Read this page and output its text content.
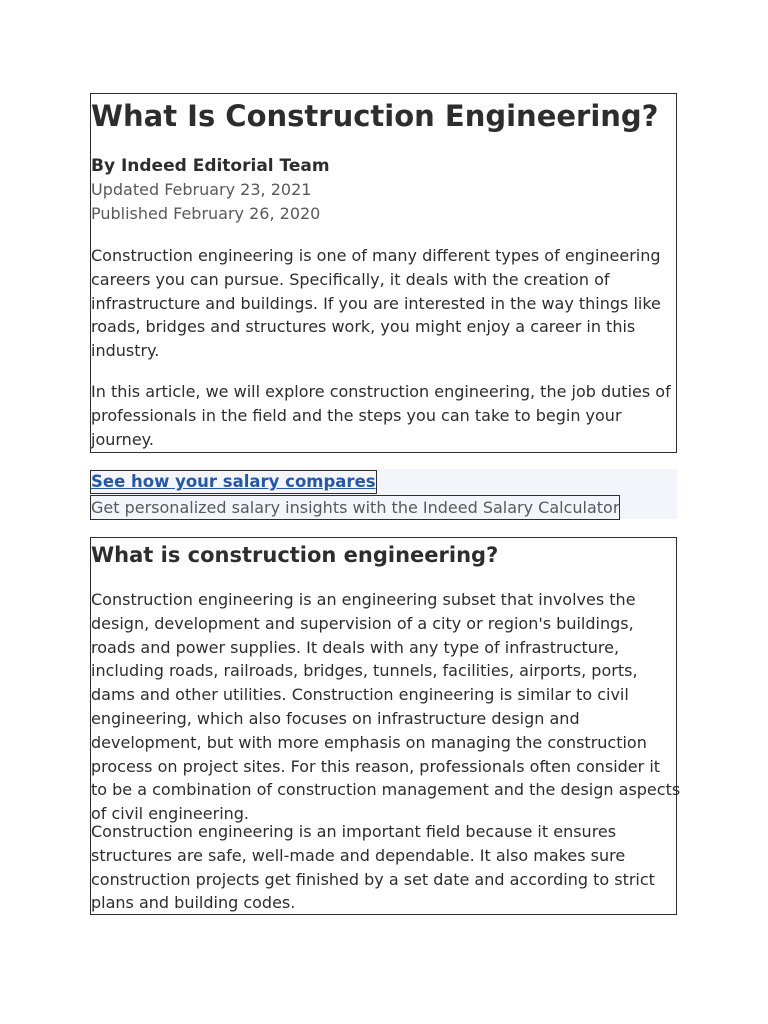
What Is Construction Engineering?
By Indeed Editorial Team
Updated February 23, 2021
Published February 26, 2020

Construction engineering is one of many different types of engineering careers you can pursue. Specifically, it deals with the creation of infrastructure and buildings. If you are interested in the way things like roads, bridges and structures work, you might enjoy a career in this industry.

In this article, we will explore construction engineering, the job duties of professionals in the field and the steps you can take to begin your journey.

See how your salary compares
Get personalized salary insights with the Indeed Salary Calculator
What is construction engineering?

Construction engineering is an engineering subset that involves the design, development and supervision of a city or region's buildings, roads and power supplies. It deals with any type of infrastructure, including roads, railroads, bridges, tunnels, facilities, airports, ports, dams and other utilities. Construction engineering is similar to civil engineering, which also focuses on infrastructure design and development, but with more emphasis on managing the construction process on project sites. For this reason, professionals often consider it to be a combination of construction management and the design aspects of civil engineering.

Construction engineering is an important field because it ensures structures are safe, well-made and dependable. It also makes sure construction projects get finished by a set date and according to strict plans and building codes.
